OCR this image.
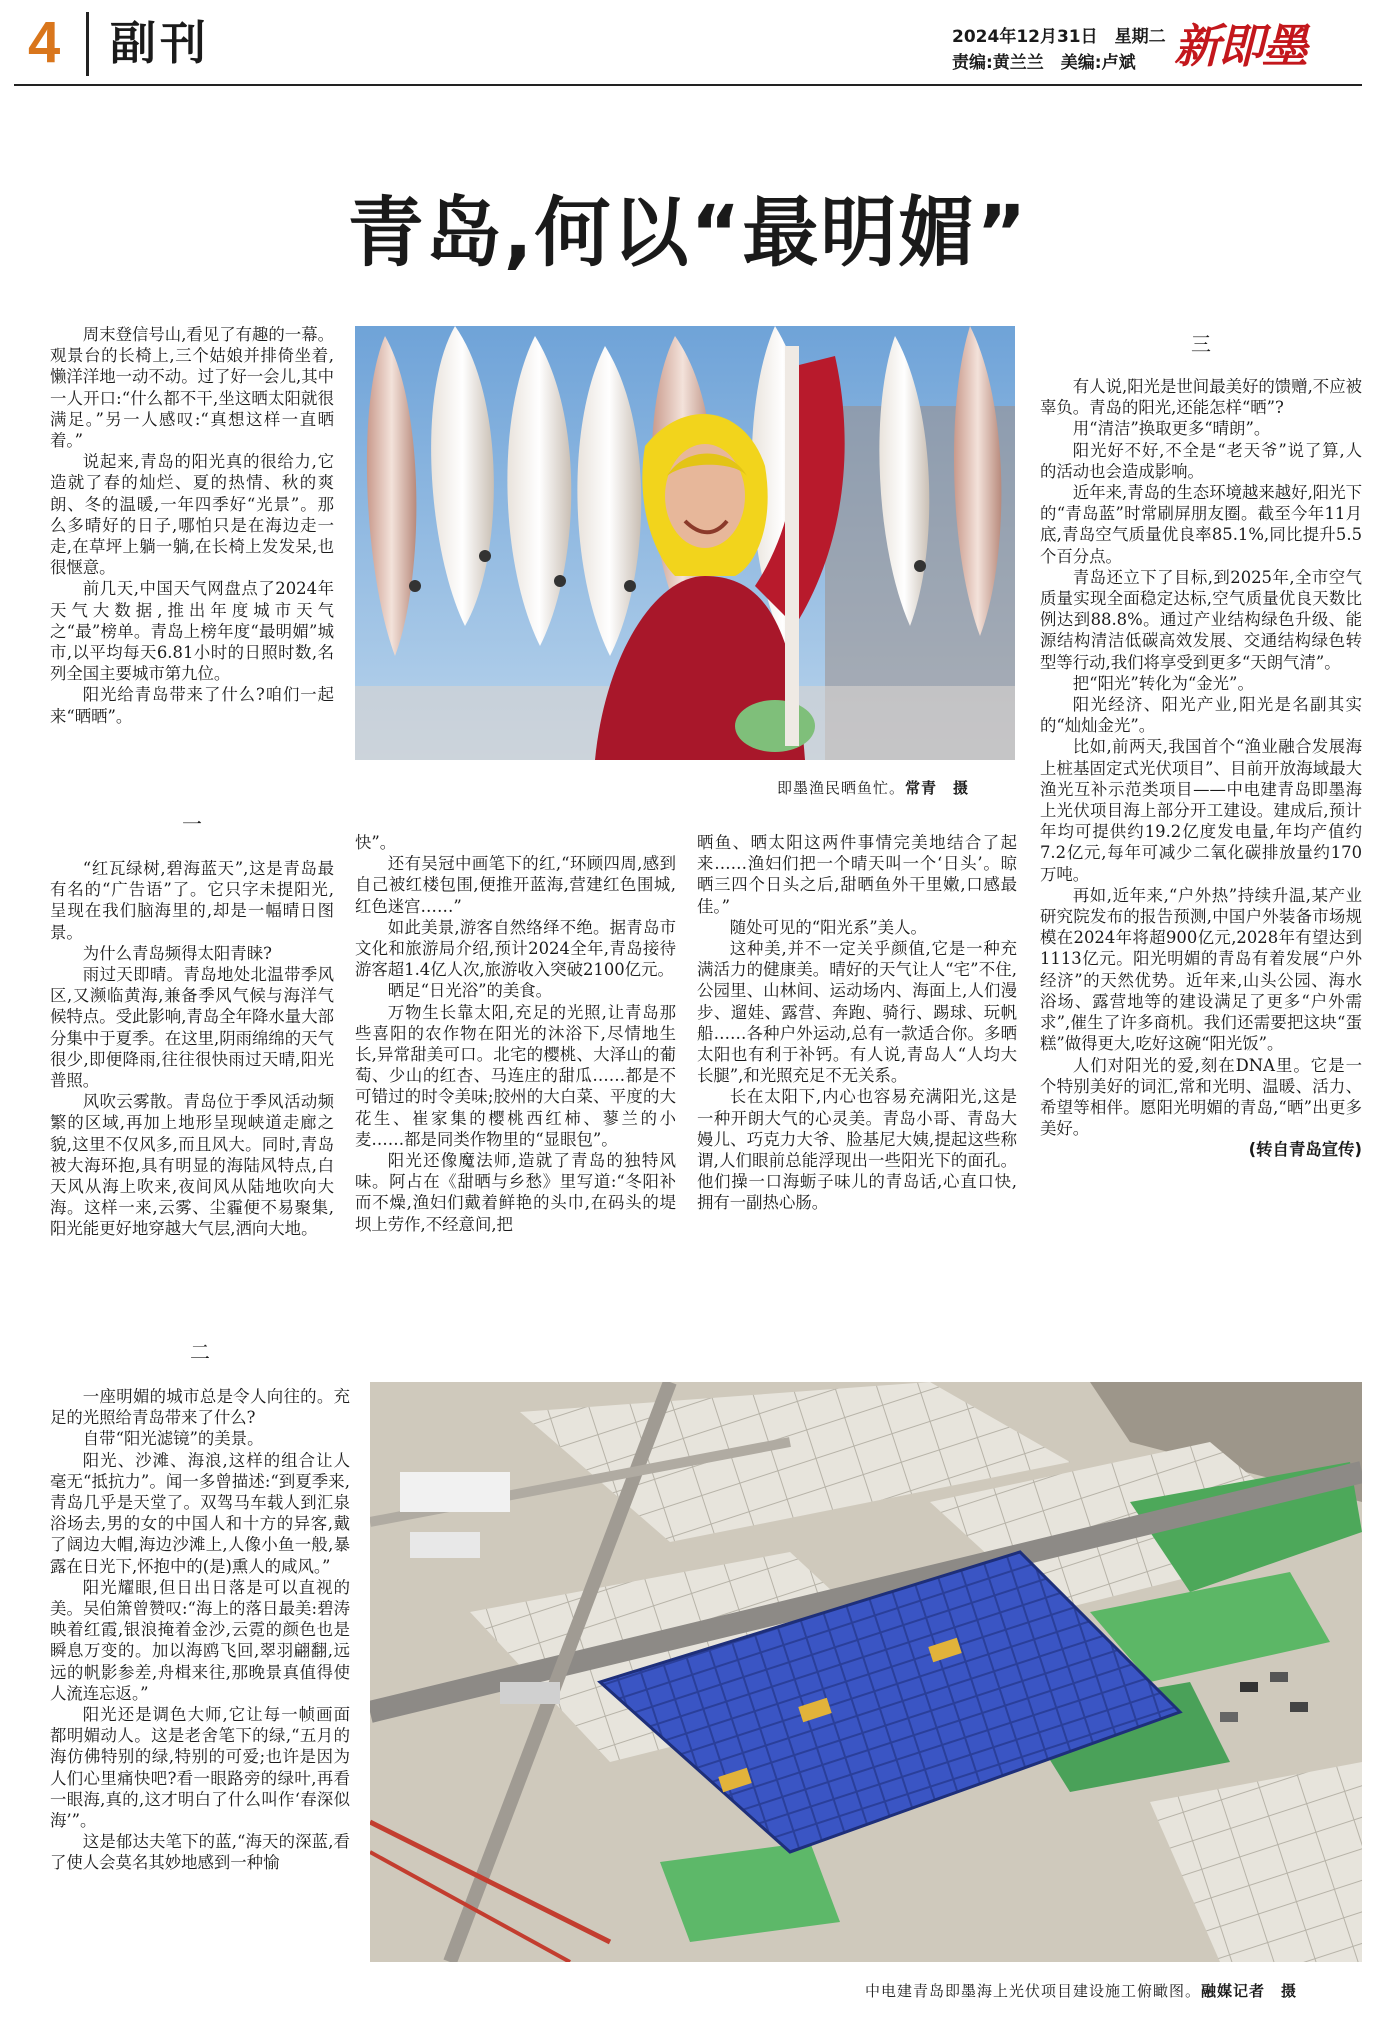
4 副刊	2024年12月31日　星期二
责编:黄兰兰　美编:卢斌 新即墨
青岛,何以“最明媚”
即墨渔民晒鱼忙。常青　摄

周末登信号山,看见了有趣的一幕。观景台的长椅上,三个姑娘并排倚坐着,懒洋洋地一动不动。过了好一会儿,其中一人开口:“什么都不干,坐这晒太阳就很满足。”另一人感叹:“真想这样一直晒着。”

说起来,青岛的阳光真的很给力,它造就了春的灿烂、夏的热情、秋的爽朗、冬的温暖,一年四季好“光景”。那么多晴好的日子,哪怕只是在海边走一走,在草坪上躺一躺,在长椅上发发呆,也很惬意。

前几天,中国天气网盘点了2024年天气大数据,推出年度城市天气之“最”榜单。青岛上榜年度“最明媚”城市,以平均每天6.81小时的日照时数,名列全国主要城市第九位。

阳光给青岛带来了什么?咱们一起来“晒晒”。

一

“红瓦绿树,碧海蓝天”,这是青岛最有名的“广告语”了。它只字未提阳光,呈现在我们脑海里的,却是一幅晴日图景。

为什么青岛频得太阳青睐?

雨过天即晴。青岛地处北温带季风区,又濒临黄海,兼备季风气候与海洋气候特点。受此影响,青岛全年降水量大部分集中于夏季。在这里,阴雨绵绵的天气很少,即便降雨,往往很快雨过天晴,阳光普照。

风吹云雾散。青岛位于季风活动频繁的区域,再加上地形呈现峡道走廊之貌,这里不仅风多,而且风大。同时,青岛被大海环抱,具有明显的海陆风特点,白天风从海上吹来,夜间风从陆地吹向大海。这样一来,云雾、尘霾便不易聚集,阳光能更好地穿越大气层,洒向大地。

快”。

还有吴冠中画笔下的红,“环顾四周,感到自己被红楼包围,便推开蓝海,营建红色围城,红色迷宫……”

如此美景,游客自然络绎不绝。据青岛市文化和旅游局介绍,预计2024全年,青岛接待游客超1.4亿人次,旅游收入突破2100亿元。

晒足“日光浴”的美食。

万物生长靠太阳,充足的光照,让青岛那些喜阳的农作物在阳光的沐浴下,尽情地生长,异常甜美可口。北宅的樱桃、大泽山的葡萄、少山的红杏、马连庄的甜瓜……都是不可错过的时令美味;胶州的大白菜、平度的大花生、崔家集的樱桃西红柿、蓼兰的小麦……都是同类作物里的“显眼包”。

阳光还像魔法师,造就了青岛的独特风味。阿占在《甜晒与乡愁》里写道:“冬阳补而不燥,渔妇们戴着鲜艳的头巾,在码头的堤坝上劳作,不经意间,把

晒鱼、晒太阳这两件事情完美地结合了起来……渔妇们把一个晴天叫一个‘日头’。晾晒三四个日头之后,甜晒鱼外干里嫩,口感最佳。”

随处可见的“阳光系”美人。

这种美,并不一定关乎颜值,它是一种充满活力的健康美。晴好的天气让人“宅”不住,公园里、山林间、运动场内、海面上,人们漫步、遛娃、露营、奔跑、骑行、踢球、玩帆船……各种户外运动,总有一款适合你。多晒太阳也有利于补钙。有人说,青岛人“人均大长腿”,和光照充足不无关系。

长在太阳下,内心也容易充满阳光,这是一种开朗大气的心灵美。青岛小哥、青岛大嫚儿、巧克力大爷、脸基尼大姨,提起这些称谓,人们眼前总能浮现出一些阳光下的面孔。他们操一口海蛎子味儿的青岛话,心直口快,拥有一副热心肠。

三

有人说,阳光是世间最美好的馈赠,不应被辜负。青岛的阳光,还能怎样“晒”?

用“清洁”换取更多“晴朗”。

阳光好不好,不全是“老天爷”说了算,人的活动也会造成影响。

近年来,青岛的生态环境越来越好,阳光下的“青岛蓝”时常刷屏朋友圈。截至今年11月底,青岛空气质量优良率85.1%,同比提升5.5个百分点。

青岛还立下了目标,到2025年,全市空气质量实现全面稳定达标,空气质量优良天数比例达到88.8%。通过产业结构绿色升级、能源结构清洁低碳高效发展、交通结构绿色转型等行动,我们将享受到更多“天朗气清”。

把“阳光”转化为“金光”。

阳光经济、阳光产业,阳光是名副其实的“灿灿金光”。

比如,前两天,我国首个“渔业融合发展海上桩基固定式光伏项目”、目前开放海域最大渔光互补示范类项目——中电建青岛即墨海上光伏项目海上部分开工建设。建成后,预计年均可提供约19.2亿度发电量,年均产值约7.2亿元,每年可减少二氧化碳排放量约170万吨。

再如,近年来,“户外热”持续升温,某产业研究院发布的报告预测,中国户外装备市场规模在2024年将超900亿元,2028年有望达到1113亿元。阳光明媚的青岛有着发展“户外经济”的天然优势。近年来,山头公园、海水浴场、露营地等的建设满足了更多“户外需求”,催生了许多商机。我们还需要把这块“蛋糕”做得更大,吃好这碗“阳光饭”。

人们对阳光的爱,刻在DNA里。它是一个特别美好的词汇,常和光明、温暖、活力、希望等相伴。愿阳光明媚的青岛,“晒”出更多美好。

(转自青岛宣传)

二

一座明媚的城市总是令人向往的。充足的光照给青岛带来了什么?

自带“阳光滤镜”的美景。

阳光、沙滩、海浪,这样的组合让人毫无“抵抗力”。闻一多曾描述:“到夏季来,青岛几乎是天堂了。双驾马车载人到汇泉浴场去,男的女的中国人和十方的异客,戴了阔边大帽,海边沙滩上,人像小鱼一般,暴露在日光下,怀抱中的(是)熏人的咸风。”

阳光耀眼,但日出日落是可以直视的美。吴伯箫曾赞叹:“海上的落日最美:碧涛映着红霞,银浪掩着金沙,云霓的颜色也是瞬息万变的。加以海鸥飞回,翠羽翩翻,远远的帆影参差,舟楫来往,那晚景真值得使人流连忘返。”

阳光还是调色大师,它让每一帧画面都明媚动人。这是老舍笔下的绿,“五月的海仿佛特别的绿,特别的可爱;也许是因为人们心里痛快吧?看一眼路旁的绿叶,再看一眼海,真的,这才明白了什么叫作‘春深似海’”。

这是郁达夫笔下的蓝,“海天的深蓝,看了使人会莫名其妙地感到一种愉

中电建青岛即墨海上光伏项目建设施工俯瞰图。融媒记者　摄
